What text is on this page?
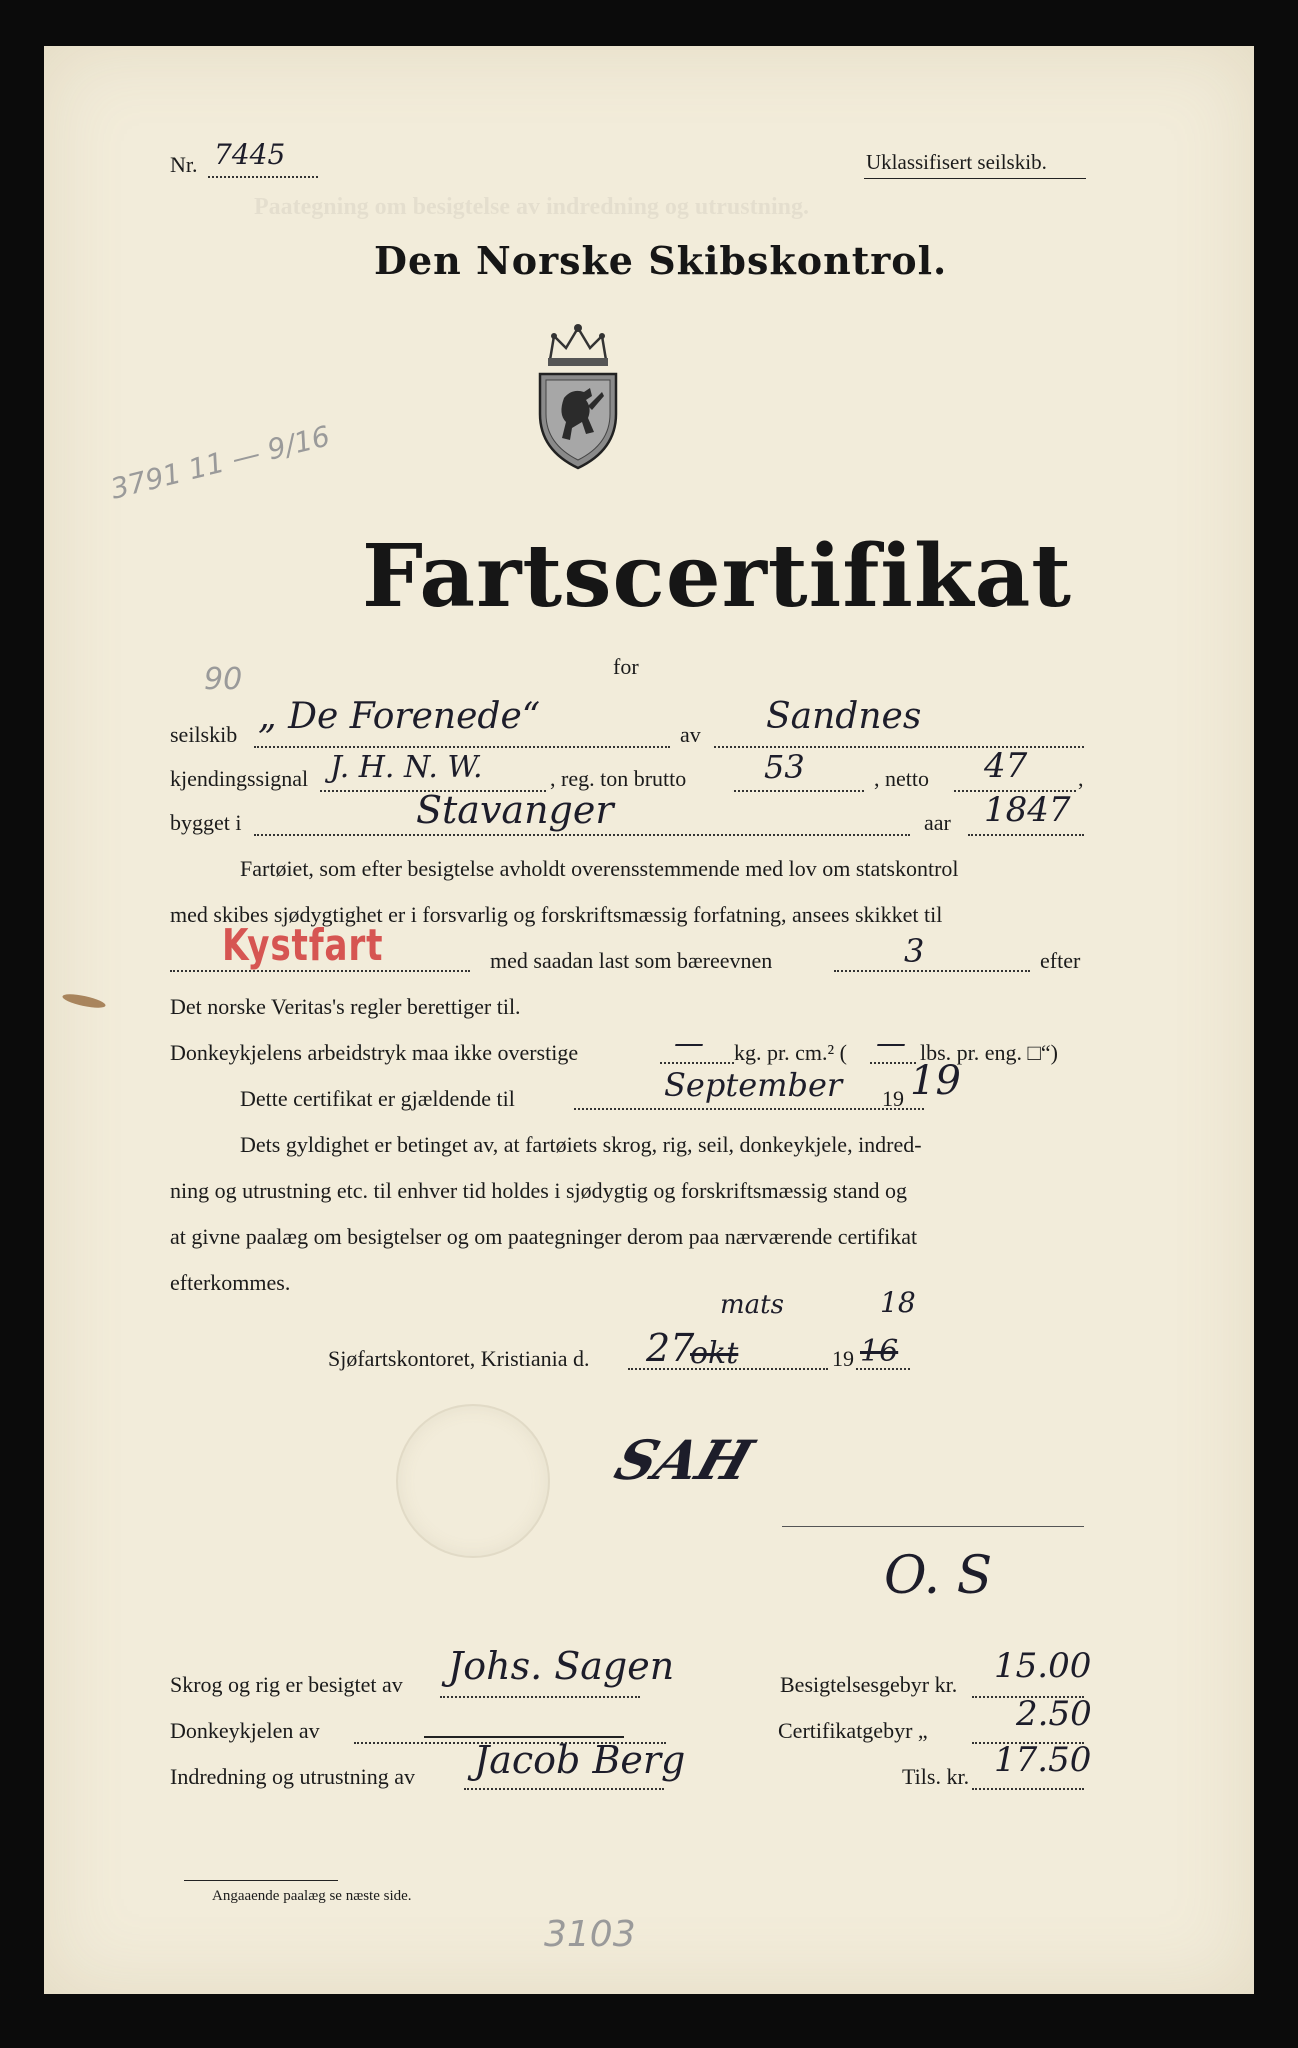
Paategning om besigtelse av indredning og utrustning.
Nr. 7445	Uklassifisert seilskib.
Den Norske Skibskontrol.
Fartscertifikat
for
3791 11 — 9/16
90
seilskib „ De Forenede“	av Sandnes
kjendingssignal J. H. N. W.	, reg. ton brutto 53	, netto 47 ,
bygget i	Stavanger	aar 1847
Fartøiet, som efter besigtelse avholdt overensstemmende med lov om statskontrol
med skibes sjødygtighet er i forsvarlig og forskriftsmæssig forfatning, ansees skikket til
Kystfart	med saadan last som bæreevnen	3	efter
Det norske Veritas's regler berettiger til.
Donkeykjelens arbeidstryk maa ikke overstige	— kg. pr. cm.² ( — lbs. pr. eng. □“)
Dette certifikat er gjældende til	September 19 19
Dets gyldighet er betinget av, at fartøiets skrog, rig, seil, donkeykjele, indred-
ning og utrustning etc. til enhver tid holdes i sjødygtig og forskriftsmæssig stand og
at givne paalæg om besigtelser og om paategninger derom paa nærværende certifikat
efterkommes.
Sjøfartskontoret, Kristiania d. 27
okt
mats
19 16
18
SAH
O. S
Skrog og rig er besigtet av Johs. Sagen
Donkeykjelen av
Indredning og utrustning av Jacob Berg
Besigtelsesgebyr kr. 15.00
Certifikatgebyr „	2.50
Tils. kr. 17.50
Angaaende paalæg se næste side.
3103
